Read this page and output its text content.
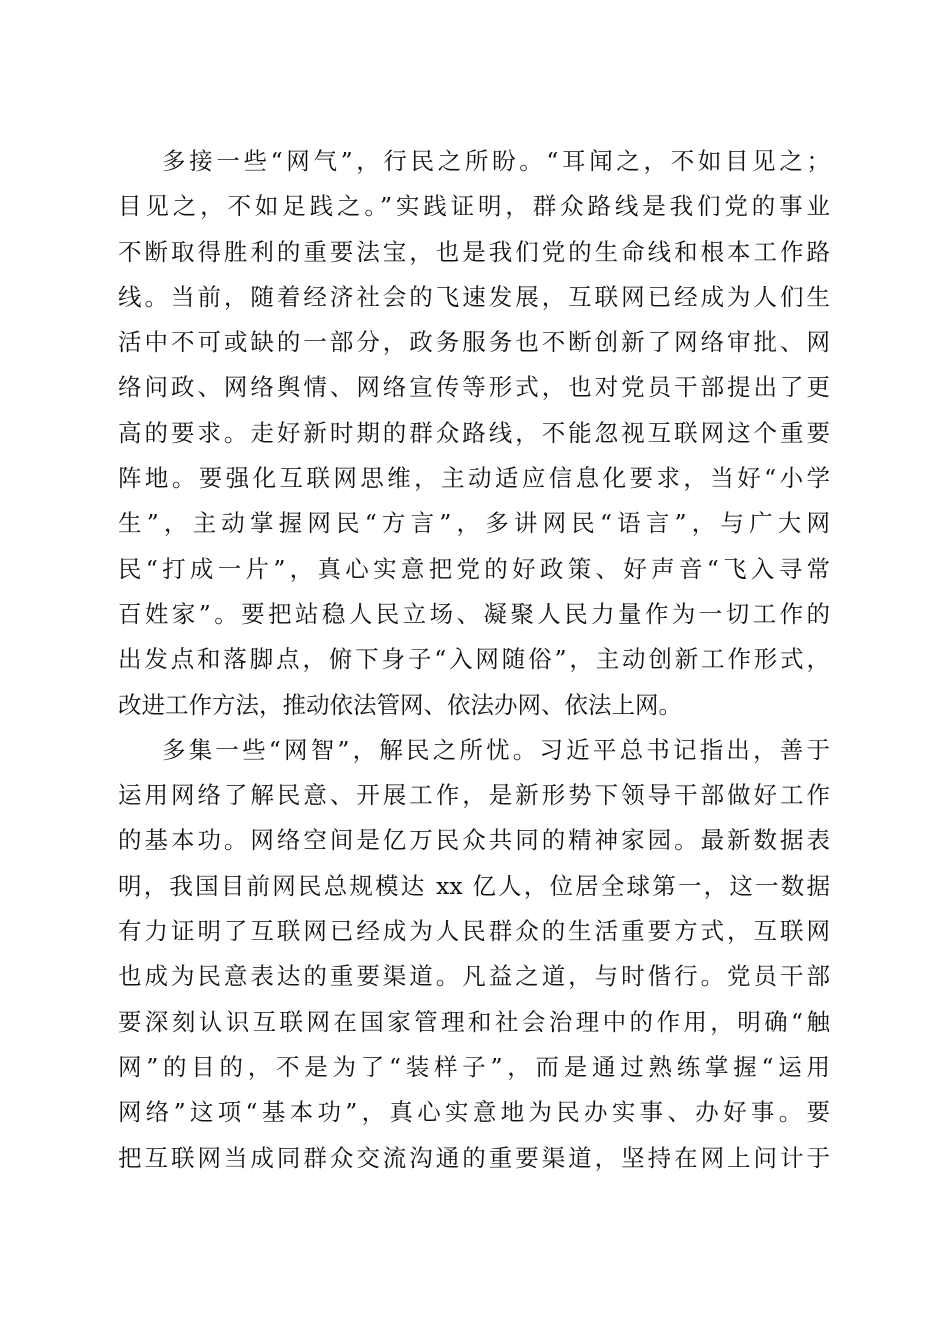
多接一些“网气”，行民之所盼。“耳闻之，不如目见之；
目见之，不如足践之。”实践证明，群众路线是我们党的事业
不断取得胜利的重要法宝，也是我们党的生命线和根本工作路
线。当前，随着经济社会的飞速发展，互联网已经成为人们生
活中不可或缺的一部分，政务服务也不断创新了网络审批、网
络问政、网络舆情、网络宣传等形式，也对党员干部提出了更
高的要求。走好新时期的群众路线，不能忽视互联网这个重要
阵地。要强化互联网思维，主动适应信息化要求，当好“小学
生”，主动掌握网民“方言”，多讲网民“语言”，与广大网
民“打成一片”，真心实意把党的好政策、好声音“飞入寻常
百姓家”。要把站稳人民立场、凝聚人民力量作为一切工作的
出发点和落脚点，俯下身子“入网随俗”，主动创新工作形式，
改进工作方法，推动依法管网、依法办网、依法上网。
多集一些“网智”，解民之所忧。习近平总书记指出，善于
运用网络了解民意、开展工作，是新形势下领导干部做好工作
的基本功。网络空间是亿万民众共同的精神家园。最新数据表
明，我国目前网民总规模达 xx 亿人，位居全球第一，这一数据
有力证明了互联网已经成为人民群众的生活重要方式，互联网
也成为民意表达的重要渠道。凡益之道，与时偕行。党员干部
要深刻认识互联网在国家管理和社会治理中的作用，明确“触
网”的目的，不是为了“装样子”，而是通过熟练掌握“运用
网络”这项“基本功”，真心实意地为民办实事、办好事。要
把互联网当成同群众交流沟通的重要渠道，坚持在网上问计于
